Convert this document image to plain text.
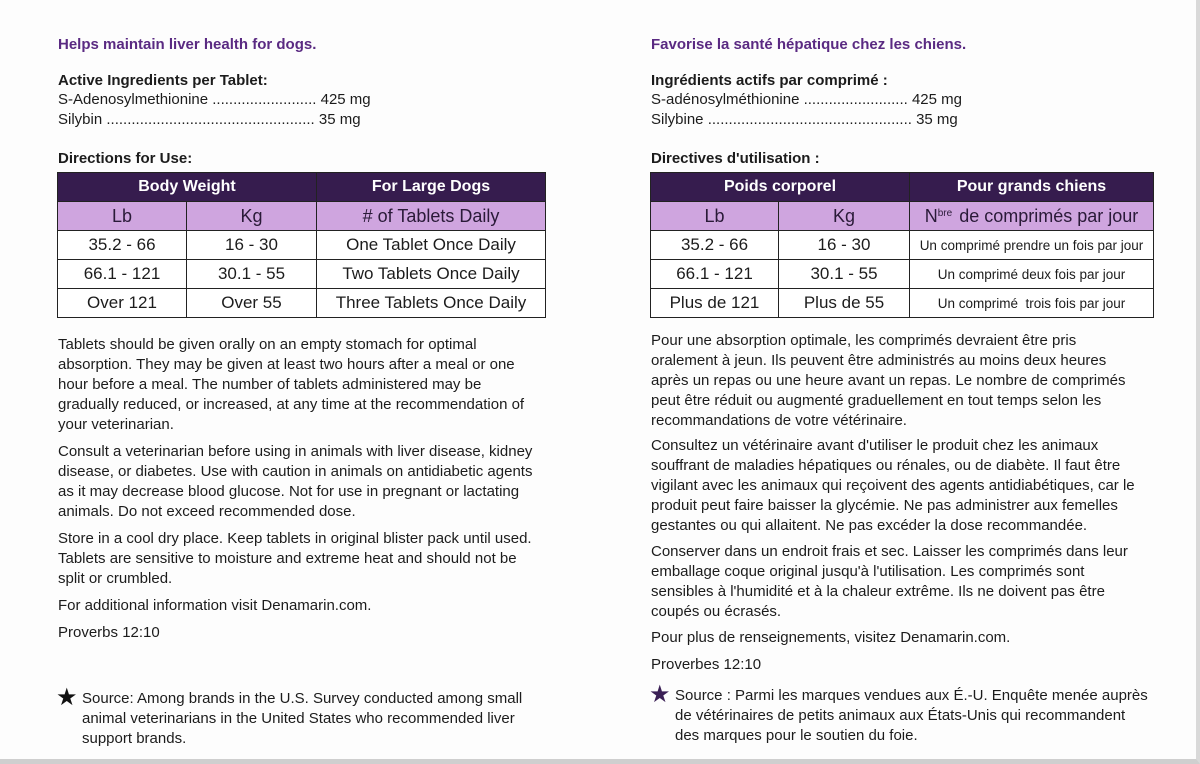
Helps maintain liver health for dogs.
Active Ingredients per Tablet:
S-Adenosylmethionine ......................... 425 mg
Silybin .................................................. 35 mg
Directions for Use:
Body Weight		For Large Dogs
Lb	Kg	# of Tablets Daily
35.2 - 66	16 - 30	One Tablet Once Daily
66.1 - 121	30.1 - 55	Two Tablets Once Daily
Over 121	Over 55	Three Tablets Once Daily
Tablets should be given orally on an empty stomach for optimal absorption. They may be given at least two hours after a meal or one hour before a meal. The number of tablets administered may be gradually reduced, or increased, at any time at the recommendation of your veterinarian.
Consult a veterinarian before using in animals with liver disease, kidney disease, or diabetes. Use with caution in animals on antidiabetic agents as it may decrease blood glucose. Not for use in pregnant or lactating animals. Do not exceed recommended dose.
Store in a cool dry place. Keep tablets in original blister pack until used. Tablets are sensitive to moisture and extreme heat and should not be split or crumbled.
For additional information visit Denamarin.com.
Proverbs 12:10
★ Source: Among brands in the U.S. Survey conducted among small animal veterinarians in the United States who recommended liver support brands.
Favorise la santé hépatique chez les chiens.
Ingrédients actifs par comprimé :
S-adénosylméthionine ......................... 425 mg
Silybine ................................................. 35 mg
Directives d'utilisation :
Poids corporel		Pour grands chiens
Lb	Kg	$N^{bre}$ de comprimés par jour
35.2 - 66	16 - 30	Un comprimé prendre un fois par jour
66.1 - 121	30.1 - 55	Un comprimé deux fois par jour
Plus de 121	Plus de 55	Un comprimé  trois fois par jour
Pour une absorption optimale, les comprimés devraient être pris oralement à jeun. Ils peuvent être administrés au moins deux heures après un repas ou une heure avant un repas. Le nombre de comprimés peut être réduit ou augmenté graduellement en tout temps selon les recommandations de votre vétérinaire.
Consultez un vétérinaire avant d'utiliser le produit chez les animaux souffrant de maladies hépatiques ou rénales, ou de diabète. Il faut être vigilant avec les animaux qui reçoivent des agents antidiabétiques, car le produit peut faire baisser la glycémie. Ne pas administrer aux femelles gestantes ou qui allaitent. Ne pas excéder la dose recommandée.
Conserver dans un endroit frais et sec. Laisser les comprimés dans leur emballage coque original jusqu'à l'utilisation. Les comprimés sont sensibles à l'humidité et à la chaleur extrême. Ils ne doivent pas être coupés ou écrasés.
Pour plus de renseignements, visitez Denamarin.com.
Proverbes 12:10
★ Source : Parmi les marques vendues aux É.-U. Enquête menée auprès de vétérinaires de petits animaux aux États-Unis qui recommandent des marques pour le soutien du foie.
